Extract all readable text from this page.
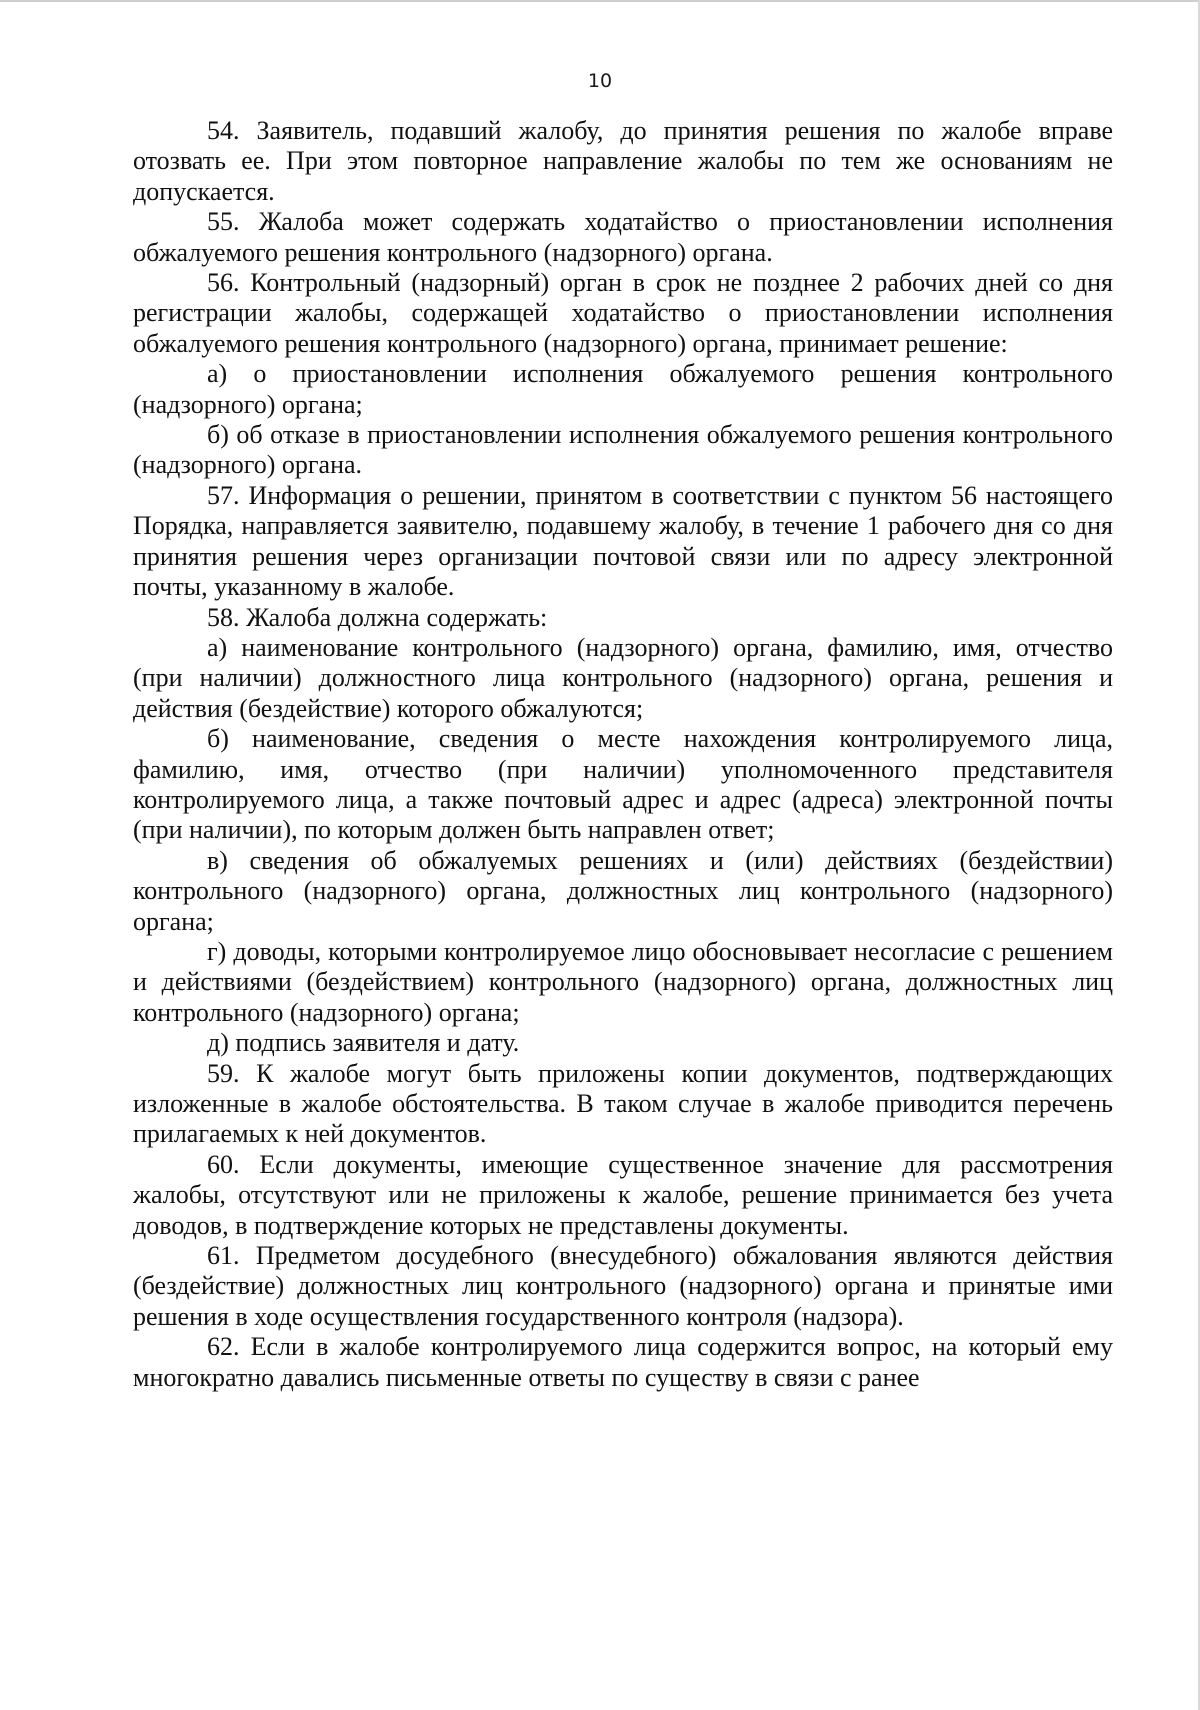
10

54. Заявитель, подавший жалобу, до принятия решения по жалобе вправе отозвать ее. При этом повторное направление жалобы по тем же основаниям не допускается.

55. Жалоба может содержать ходатайство о приостановлении исполнения обжалуемого решения контрольного (надзорного) органа.

56. Контрольный (надзорный) орган в срок не позднее 2 рабочих дней со дня регистрации жалобы, содержащей ходатайство о приостановлении исполнения обжалуемого решения контрольного (надзорного) органа, принимает решение:

а) о приостановлении исполнения обжалуемого решения контрольного (надзорного) органа;

б) об отказе в приостановлении исполнения обжалуемого решения контрольного (надзорного) органа.

57. Информация о решении, принятом в соответствии с пунктом 56 настоящего Порядка, направляется заявителю, подавшему жалобу, в течение 1 рабочего дня со дня принятия решения через организации почтовой связи или по адресу электронной почты, указанному в жалобе.

58. Жалоба должна содержать:

а) наименование контрольного (надзорного) органа, фамилию, имя, отчество (при наличии) должностного лица контрольного (надзорного) органа, решения и действия (бездействие) которого обжалуются;

б) наименование, сведения о месте нахождения контролируемого лица, фамилию, имя, отчество (при наличии) уполномоченного представителя контролируемого лица, а также почтовый адрес и адрес (адреса) электронной почты (при наличии), по которым должен быть направлен ответ;

в) сведения об обжалуемых решениях и (или) действиях (бездействии) контрольного (надзорного) органа, должностных лиц контрольного (надзорного) органа;

г) доводы, которыми контролируемое лицо обосновывает несогласие с решением и действиями (бездействием) контрольного (надзорного) органа, должностных лиц контрольного (надзорного) органа;

д) подпись заявителя и дату.

59. К жалобе могут быть приложены копии документов, подтверждающих изложенные в жалобе обстоятельства. В таком случае в жалобе приводится перечень прилагаемых к ней документов.

60. Если документы, имеющие существенное значение для рассмотрения жалобы, отсутствуют или не приложены к жалобе, решение принимается без учета доводов, в подтверждение которых не представлены документы.

61. Предметом досудебного (внесудебного) обжалования являются действия (бездействие) должностных лиц контрольного (надзорного) органа и принятые ими решения в ходе осуществления государственного контроля (надзора).

62. Если в жалобе контролируемого лица содержится вопрос, на который ему многократно давались письменные ответы по существу в связи с ранее
